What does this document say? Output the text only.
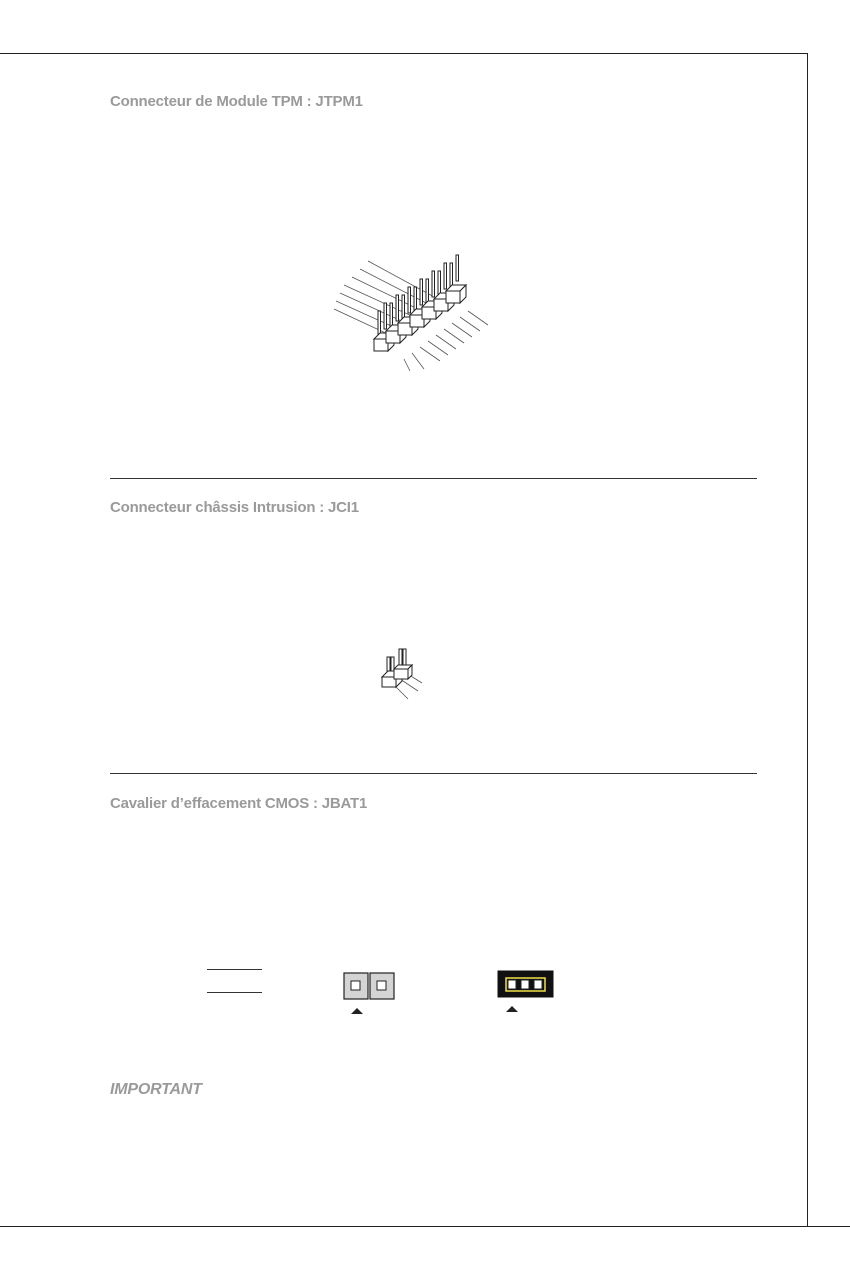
Connecteur de Module TPM : JTPM1
Connecteur châssis Intrusion : JCI1
Cavalier d’effacement CMOS : JBAT1
IMPORTANT
